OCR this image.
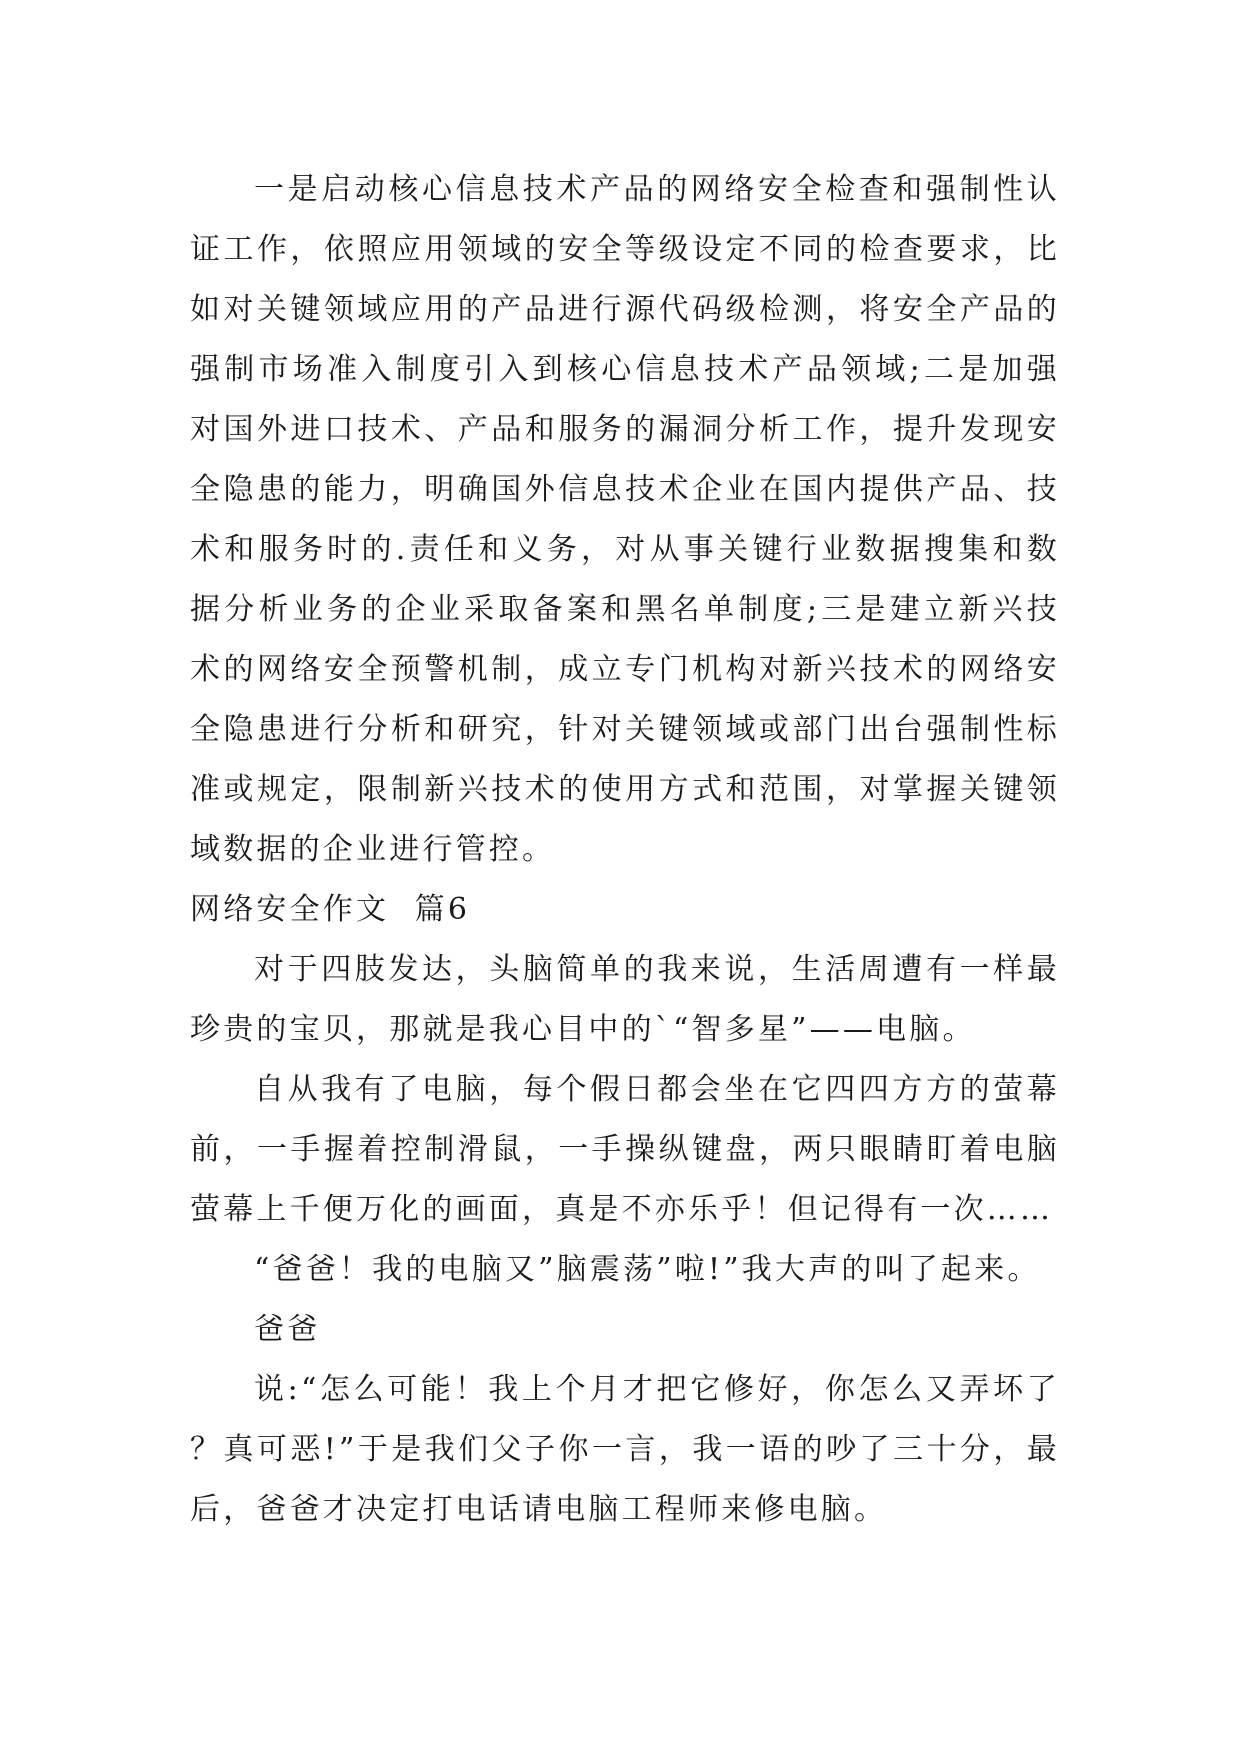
一是启动核心信息技术产品的网络安全检查和强制性认证工作，依照应用领域的安全等级设定不同的检查要求，比如对关键领域应用的产品进行源代码级检测，将安全产品的强制市场准入制度引入到核心信息技术产品领域;二是加强对国外进口技术、产品和服务的漏洞分析工作，提升发现安全隐患的能力，明确国外信息技术企业在国内提供产品、技术和服务时的.责任和义务，对从事关键行业数据搜集和数据分析业务的企业采取备案和黑名单制度;三是建立新兴技术的网络安全预警机制，成立专门机构对新兴技术的网络安全隐患进行分析和研究，针对关键领域或部门出台强制性标准或规定，限制新兴技术的使用方式和范围，对掌握关键领域数据的企业进行管控。

网络安全作文  篇6

对于四肢发达，头脑简单的我来说，生活周遭有一样最珍贵的宝贝，那就是我心目中的`“智多星”——电脑。

自从我有了电脑，每个假日都会坐在它四四方方的萤幕前，一手握着控制滑鼠，一手操纵键盘，两只眼睛盯着电脑萤幕上千便万化的画面，真是不亦乐乎！但记得有一次……

“爸爸！我的电脑又”脑震荡”啦!”我大声的叫了起来。

爸爸

说:“怎么可能！我上个月才把它修好，你怎么又弄坏了？真可恶!”于是我们父子你一言，我一语的吵了三十分，最后，爸爸才决定打电话请电脑工程师来修电脑。
